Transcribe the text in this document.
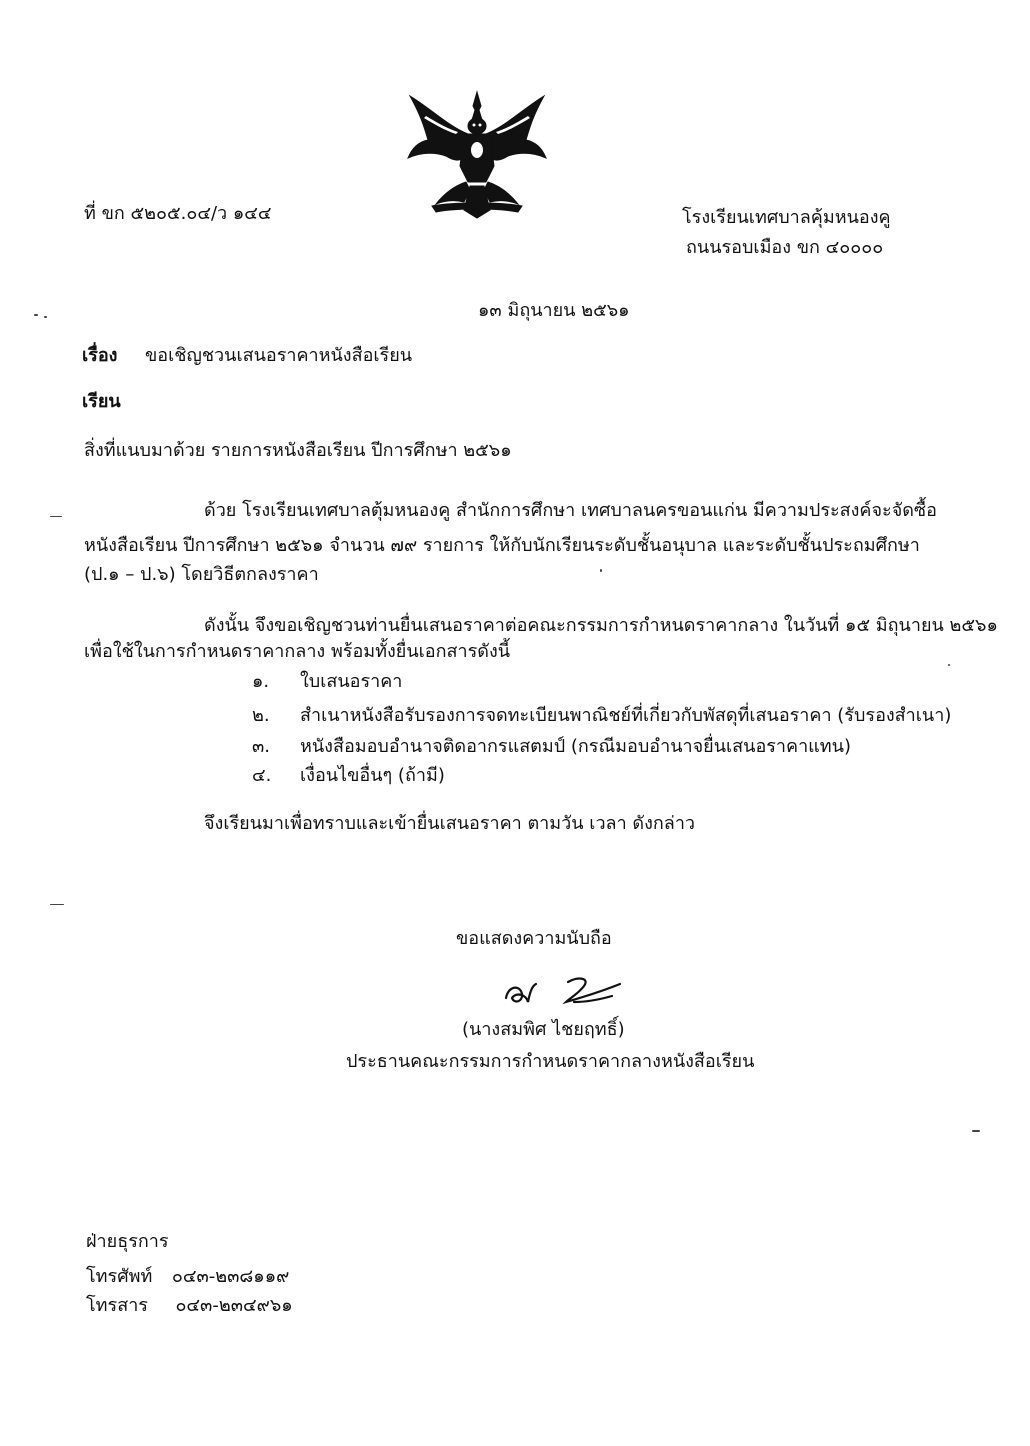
ที่ ขก ๕๒๐๕.๐๔/ว ๑๔๔	โรงเรียนเทศบาลคุ้มหนองคู
ถนนรอบเมือง ขก ๔๐๐๐๐
๑๓ มิถุนายน ๒๕๖๑
เรื่อง ขอเชิญชวนเสนอราคาหนังสือเรียน
เรียน
สิ่งที่แนบมาด้วย รายการหนังสือเรียน ปีการศึกษา ๒๕๖๑
ด้วย โรงเรียนเทศบาลตุ้มหนองคู สำนักการศึกษา เทศบาลนครขอนแก่น มีความประสงค์จะจัดซื้อ
หนังสือเรียน ปีการศึกษา ๒๕๖๑ จำนวน ๗๙ รายการ ให้กับนักเรียนระดับชั้นอนุบาล และระดับชั้นประถมศึกษา
(ป.๑ – ป.๖) โดยวิธีตกลงราคา
ดังนั้น จึงขอเชิญชวนท่านยื่นเสนอราคาต่อคณะกรรมการกำหนดราคากลาง ในวันที่ ๑๕ มิถุนายน ๒๕๖๑
เพื่อใช้ในการกำหนดราคากลาง พร้อมทั้งยื่นเอกสารดังนี้
๑. ใบเสนอราคา
๒. สำเนาหนังสือรับรองการจดทะเบียนพาณิชย์ที่เกี่ยวกับพัสดุที่เสนอราคา (รับรองสำเนา)
๓. หนังสือมอบอำนาจติดอากรแสตมป์ (กรณีมอบอำนาจยื่นเสนอราคาแทน)
๔. เงื่อนไขอื่นๆ (ถ้ามี)
จึงเรียนมาเพื่อทราบและเข้ายื่นเสนอราคา ตามวัน เวลา ดังกล่าว
ขอแสดงความนับถือ
(นางสมพิศ ไชยฤทธิ์)
ประธานคณะกรรมการกำหนดราคากลางหนังสือเรียน
ฝ่ายธุรการ
โทรศัพท์ ๐๔๓-๒๓๘๑๑๙
โทรสาร ๐๔๓-๒๓๔๙๖๑
